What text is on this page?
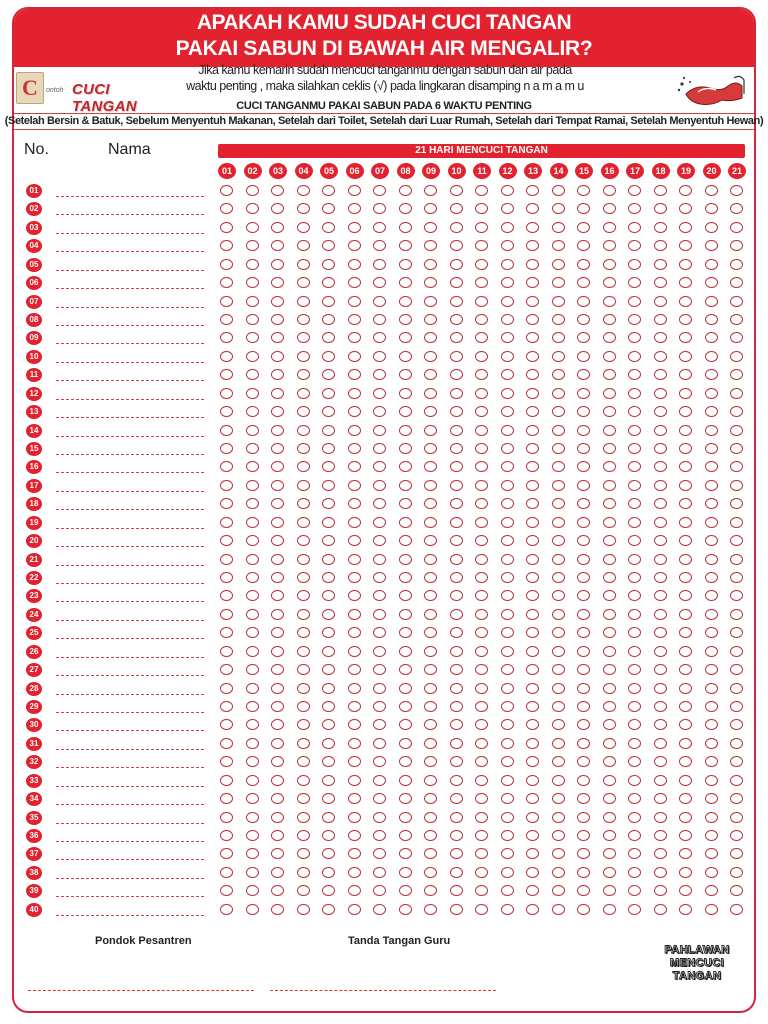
APAKAH KAMU SUDAH CUCI TANGAN
PAKAI SABUN DI BAWAH AIR MENGALIR?
C	ontoh CUCI TANGAN
Jika kamu kemarin sudah mencuci tanganmu dengan sabun dan air pada
waktu penting , maka silahkan ceklis (√) pada lingkaran disamping n a m a m u
CUCI TANGANMU PAKAI SABUN PADA 6 WAKTU PENTING
(Setelah Bersin & Batuk, Sebelum Menyentuh Makanan, Setelah dari Toilet, Setelah dari Luar Rumah, Setelah dari Tempat Ramai, Setelah Menyentuh Hewan)
No.	Nama	21 HARI MENCUCI TANGAN
01	02	03	04	05	06	07	08	09	10	11	12	13	14	15	16	17	18	19	20	21
01
02
03
04
05
06
07
08
09
10
11
12
13
14
15
16
17
18
19
20
21
22
23
24
25
26
27
28
29
30
31
32
33
34
35
36
37
38
39
40
Pondok Pesantren	Tanda Tangan Guru
PAHLAWAN
MENCUCI
TANGAN
